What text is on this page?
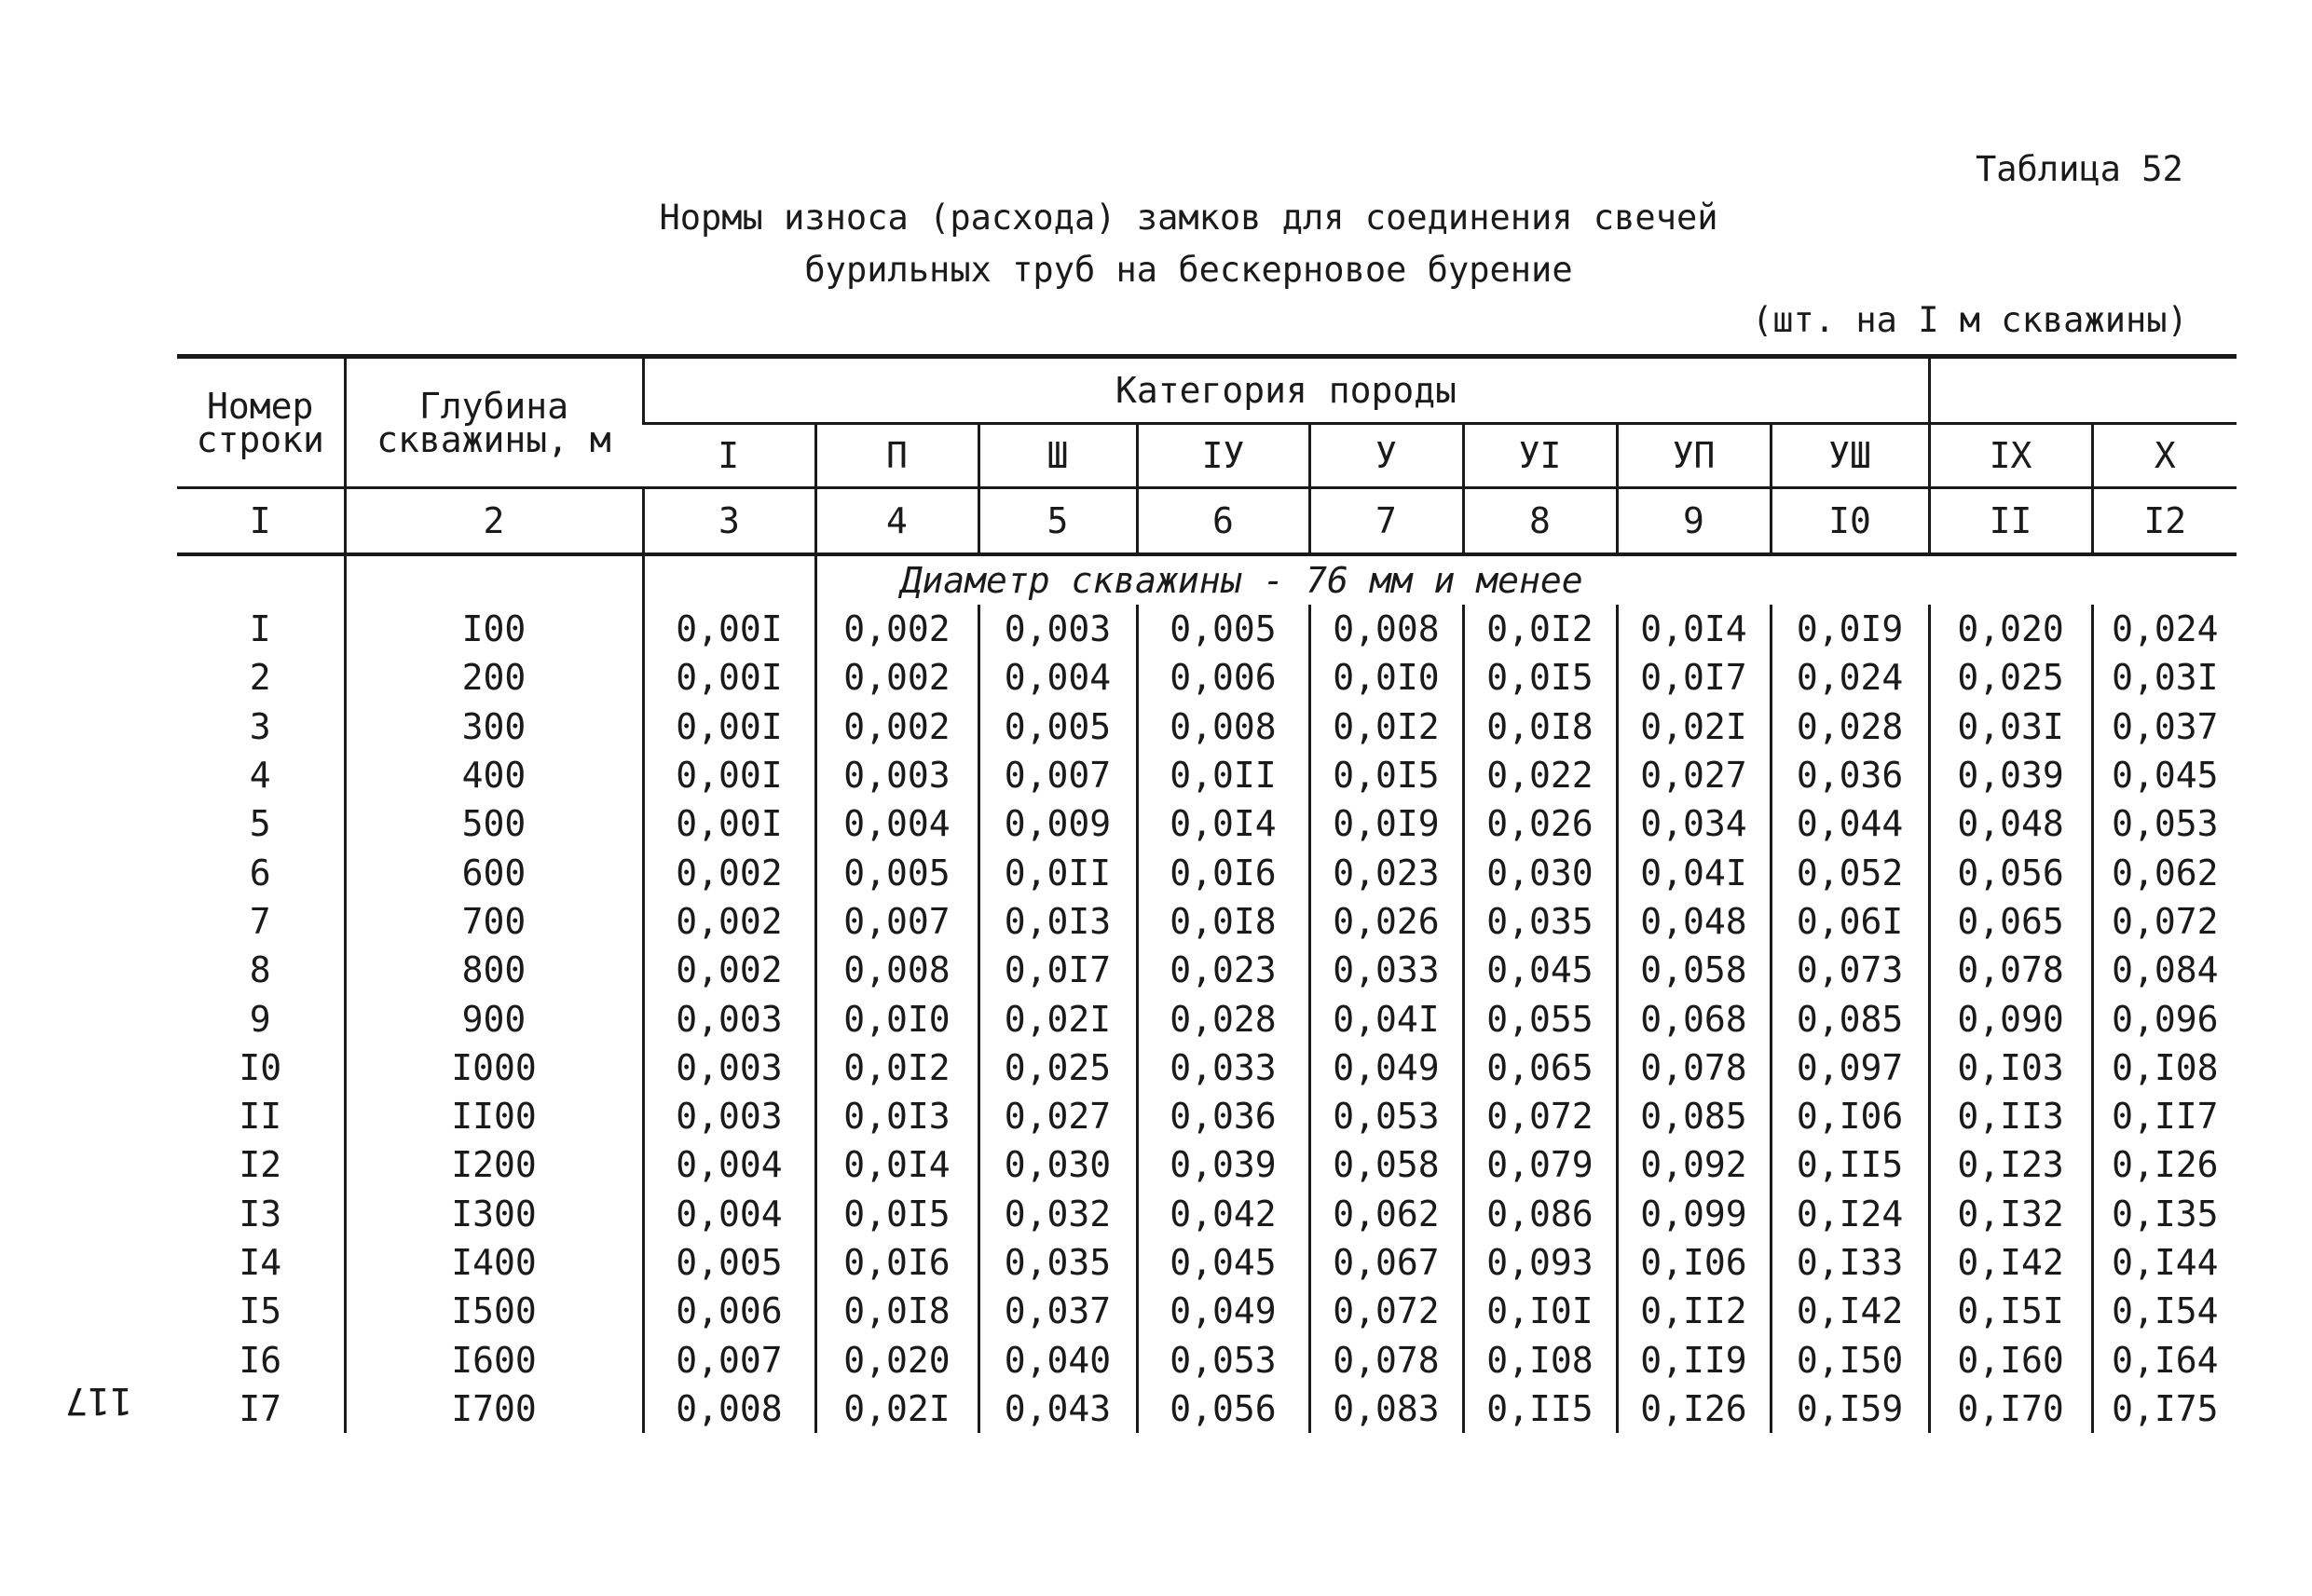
Таблица 52
Нормы износа (расхода) замков для соединения свечей
бурильных труб на бескерновое бурение
(шт. на I м скважины)
117
Номер строки	Глубина скважины, м	Категория породы									
		I	П	Ш	IУ	У	УI	УП	УШ	IX	X
I	2	3	4	5	6	7	8	9	I0	II	I2
			Диаметр скважины - 76 мм и менее								
I	I00	0,00I	0,002	0,003	0,005	0,008	0,0I2	0,0I4	0,0I9	0,020	0,024
2	200	0,00I	0,002	0,004	0,006	0,0I0	0,0I5	0,0I7	0,024	0,025	0,03I
3	300	0,00I	0,002	0,005	0,008	0,0I2	0,0I8	0,02I	0,028	0,03I	0,037
4	400	0,00I	0,003	0,007	0,0II	0,0I5	0,022	0,027	0,036	0,039	0,045
5	500	0,00I	0,004	0,009	0,0I4	0,0I9	0,026	0,034	0,044	0,048	0,053
6	600	0,002	0,005	0,0II	0,0I6	0,023	0,030	0,04I	0,052	0,056	0,062
7	700	0,002	0,007	0,0I3	0,0I8	0,026	0,035	0,048	0,06I	0,065	0,072
8	800	0,002	0,008	0,0I7	0,023	0,033	0,045	0,058	0,073	0,078	0,084
9	900	0,003	0,0I0	0,02I	0,028	0,04I	0,055	0,068	0,085	0,090	0,096
I0	I000	0,003	0,0I2	0,025	0,033	0,049	0,065	0,078	0,097	0,I03	0,I08
II	II00	0,003	0,0I3	0,027	0,036	0,053	0,072	0,085	0,I06	0,II3	0,II7
I2	I200	0,004	0,0I4	0,030	0,039	0,058	0,079	0,092	0,II5	0,I23	0,I26
I3	I300	0,004	0,0I5	0,032	0,042	0,062	0,086	0,099	0,I24	0,I32	0,I35
I4	I400	0,005	0,0I6	0,035	0,045	0,067	0,093	0,I06	0,I33	0,I42	0,I44
I5	I500	0,006	0,0I8	0,037	0,049	0,072	0,I0I	0,II2	0,I42	0,I5I	0,I54
I6	I600	0,007	0,020	0,040	0,053	0,078	0,I08	0,II9	0,I50	0,I60	0,I64
I7	I700	0,008	0,02I	0,043	0,056	0,083	0,II5	0,I26	0,I59	0,I70	0,I75
